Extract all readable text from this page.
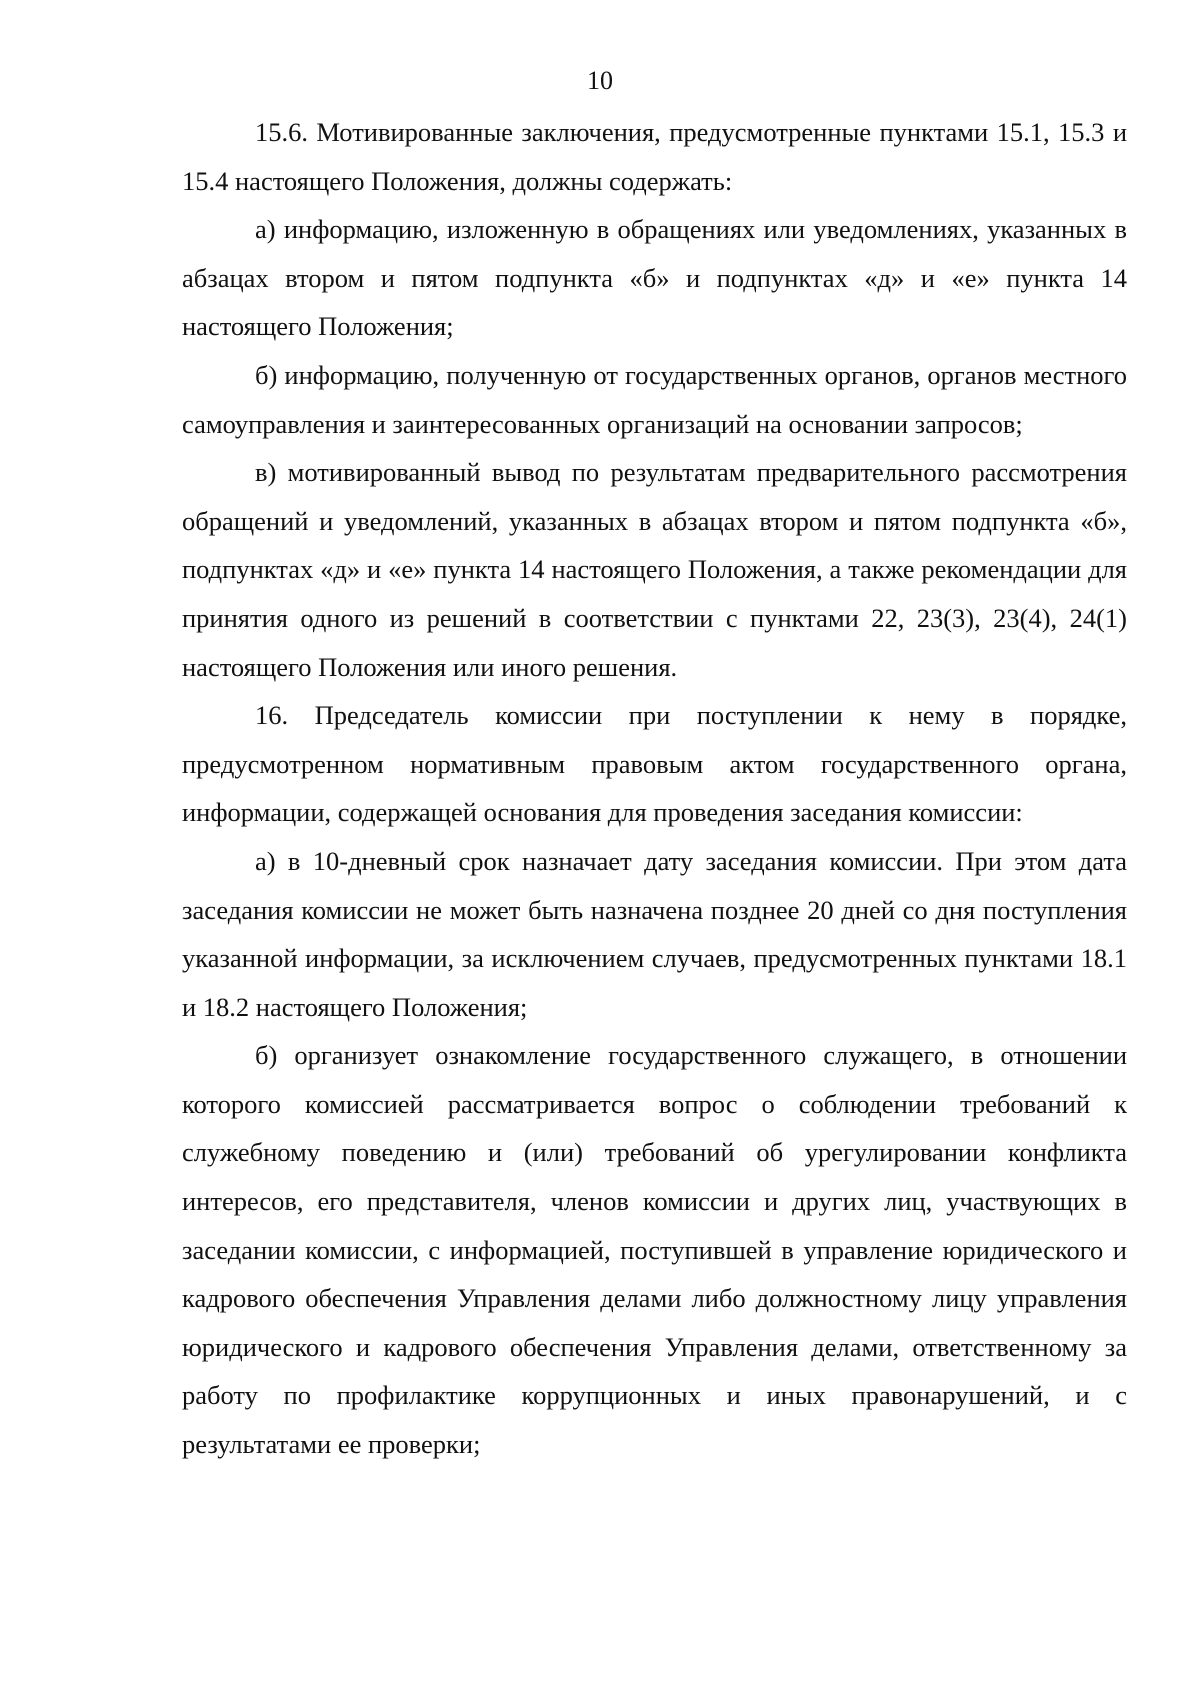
10

15.6. Мотивированные заключения, предусмотренные пунктами 15.1, 15.3 и 15.4 настоящего Положения, должны содержать:

а) информацию, изложенную в обращениях или уведомлениях, указанных в абзацах втором и пятом подпункта «б» и подпунктах «д» и «е» пункта 14 настоящего Положения;

б) информацию, полученную от государственных органов, органов местного самоуправления и заинтересованных организаций на основании запросов;

в) мотивированный вывод по результатам предварительного рассмотрения обращений и уведомлений, указанных в абзацах втором и пятом подпункта «б», подпунктах «д» и «е» пункта 14 настоящего Положения, а также рекомендации для принятия одного из решений в соответствии с пунктами 22, 23(3), 23(4), 24(1) настоящего Положения или иного решения.

16. Председатель комиссии при поступлении к нему в порядке, предусмотренном нормативным правовым актом государственного органа, информации, содержащей основания для проведения заседания комиссии:

а) в 10-дневный срок назначает дату заседания комиссии. При этом дата заседания комиссии не может быть назначена позднее 20 дней со дня поступления указанной информации, за исключением случаев, предусмотренных пунктами 18.1 и 18.2 настоящего Положения;

б) организует ознакомление государственного служащего, в отношении которого комиссией рассматривается вопрос о соблюдении требований к служебному поведению и (или) требований об урегулировании конфликта интересов, его представителя, членов комиссии и других лиц, участвующих в заседании комиссии, с информацией, поступившей в управление юридического и кадрового обеспечения Управления делами либо должностному лицу управления юридического и кадрового обеспечения Управления делами, ответственному за работу по профилактике коррупционных и иных правонарушений, и с результатами ее проверки;
